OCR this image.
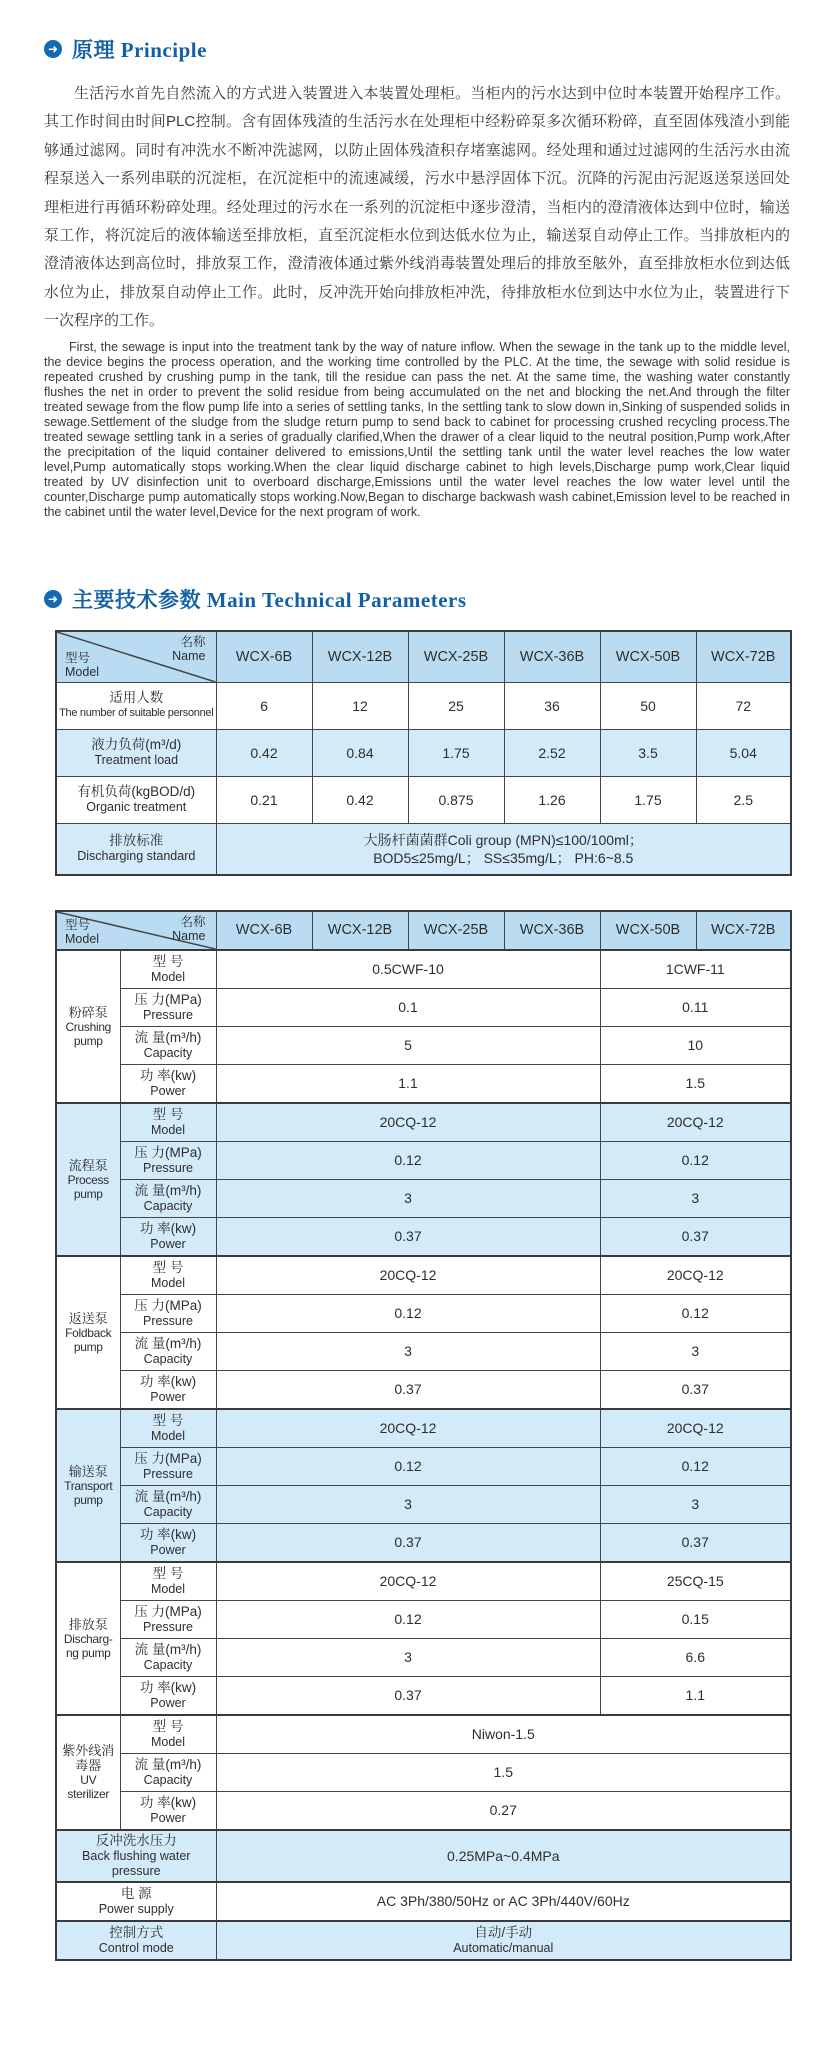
➜ 原理 Principle

生活污水首先自然流入的方式进入装置进入本装置处理柜。当柜内的污水达到中位时本装置开始程序工作。其工作时间由时间PLC控制。含有固体残渣的生活污水在处理柜中经粉碎泵多次循环粉碎，直至固体残渣小到能够通过滤网。同时有冲洗水不断冲洗滤网，以防止固体残渣积存堵塞滤网。经处理和通过过滤网的生活污水由流程泵送入一系列串联的沉淀柜，在沉淀柜中的流速减缓，污水中悬浮固体下沉。沉降的污泥由污泥返送泵送回处理柜进行再循环粉碎处理。经处理过的污水在一系列的沉淀柜中逐步澄清，当柜内的澄清液体达到中位时，输送泵工作，将沉淀后的液体输送至排放柜，直至沉淀柜水位到达低水位为止，输送泵自动停止工作。当排放柜内的澄清液体达到高位时，排放泵工作，澄清液体通过紫外线消毒装置处理后的排放至舷外，直至排放柜水位到达低水位为止，排放泵自动停止工作。此时，反冲洗开始向排放柜冲洗，待排放柜水位到达中水位为止，装置进行下一次程序的工作。

First, the sewage is input into the treatment tank by the way of nature inflow. When the sewage in the tank up to the middle level, the device begins the process operation, and the working time controlled by the PLC. At the time, the sewage with solid residue is repeated crushed by crushing pump in the tank, till the residue can pass the net. At the same time, the washing water constantly flushes the net in order to prevent the solid residue from being accumulated on the net and blocking the net.And through the filter treated sewage from the flow pump life into a series of settling tanks, In the settling tank to slow down in,Sinking of suspended solids in sewage.Settlement of the sludge from the sludge return pump to send back to cabinet for processing crushed recycling process.The treated sewage settling tank in a series of gradually clarified,When the drawer of a clear liquid to the neutral position,Pump work,After the precipitation of the liquid container delivered to emissions,Until the settling tank until the water level reaches the low water level,Pump automatically stops working.When the clear liquid discharge cabinet to high levels,Discharge pump work,Clear liquid treated by UV disinfection unit to overboard discharge,Emissions until the water level reaches the low water level until the counter,Discharge pump automatically stops working.Now,Began to discharge backwash wash cabinet,Emission level to be reached in the cabinet until the water level,Device for the next program of work.

➜ 主要技术参数 Main Technical Parameters
名称
Name
型号
Model	WCX-6B	WCX-12B	WCX-25B	WCX-36B	WCX-50B	WCX-72B

适用人数
The number of suitable personnel	6	12	25	36	50	72

液力负荷(m³/d)
Treatment load	0.42	0.84	1.75	2.52	3.5	5.04

有机负荷(kgBOD/d)
Organic treatment	0.21	0.42	0.875	1.26	1.75	2.5

排放标准
Discharging standard

大肠杆菌菌群Coli group (MPN)≤100/100ml；
BOD5≤25mg/L； SS≤35mg/L； PH:6~8.5
名称
Name
型号
Model		WCX-6B	WCX-12B	WCX-25B	WCX-36B	WCX-50B	WCX-72B

粉碎泵
Crushing pump

型 号
Model	0.5CWF-10	1CWF-11

	压 力(MPa)
Pressure	0.1				0.11	

	流 量(m³/h)
Capacity	5				10	

	功 率(kw)
Power	1.1				1.5	

流程泵
Process pump

型 号
Model	20CQ-12	20CQ-12

	压 力(MPa)
Pressure	0.12				0.12	

	流 量(m³/h)
Capacity	3				3	

	功 率(kw)
Power	0.37				0.37	

返送泵
Foldback pump

型 号
Model	20CQ-12	20CQ-12

	压 力(MPa)
Pressure	0.12				0.12	

	流 量(m³/h)
Capacity	3				3	

	功 率(kw)
Power	0.37				0.37	

输送泵
Transport pump

型 号
Model	20CQ-12	20CQ-12

	压 力(MPa)
Pressure	0.12				0.12	

	流 量(m³/h)
Capacity	3				3	

	功 率(kw)
Power	0.37				0.37	

排放泵
Discharg-ng pump

型 号
Model	20CQ-12	25CQ-15

	压 力(MPa)
Pressure	0.12				0.15	

	流 量(m³/h)
Capacity	3				6.6	

	功 率(kw)
Power	0.37				1.1	

紫外线消毒器
UV sterilizer

型 号
Model	Niwon-1.5

	流 量(m³/h)
Capacity	1.5					

	功 率(kw)
Power	0.27					

反冲洗水压力
Back flushing water pressure		0.25MPa~0.4MPa					

电 源
Power supply		AC 3Ph/380/50Hz or AC 3Ph/440V/60Hz					

控制方式
Control mode

自动/手动
Automatic/manual
